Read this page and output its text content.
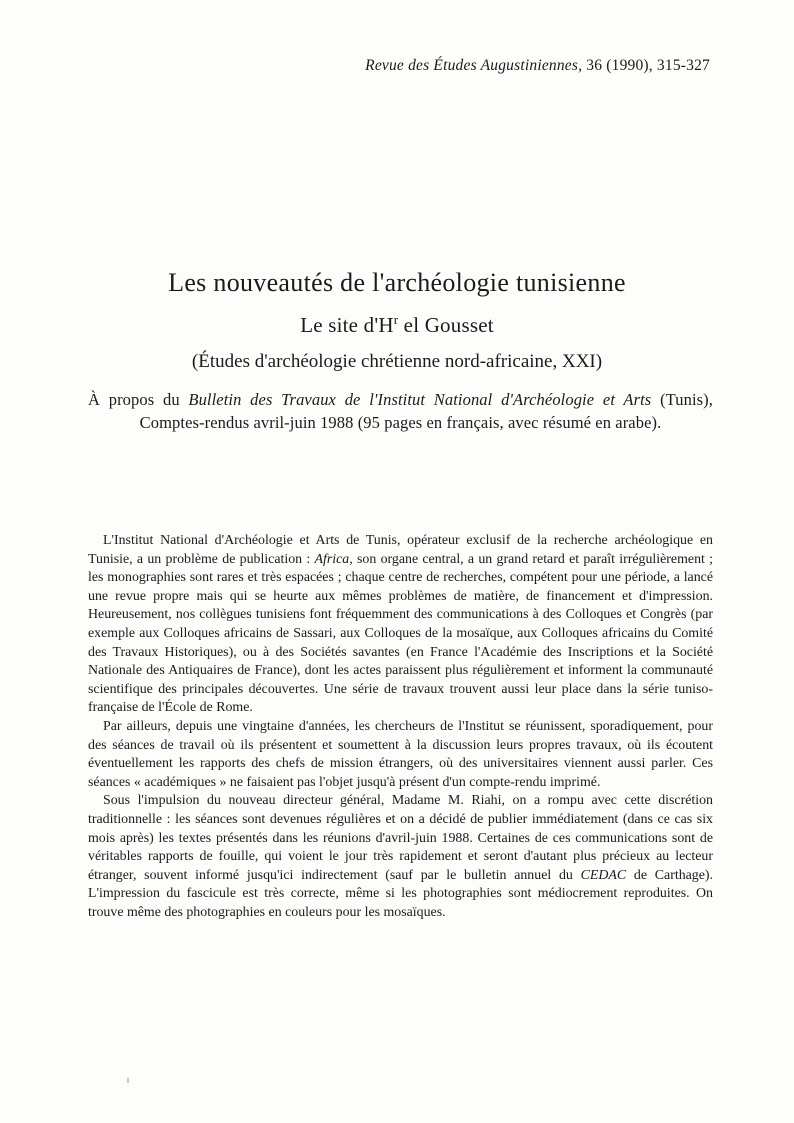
Revue des Études Augustiniennes, 36 (1990), 315-327
Les nouveautés de l'archéologie tunisienne
Le site $d'H^r$ el Gousset
(Études d'archéologie chrétienne nord-africaine, XXI)
À propos du Bulletin des Travaux de l'Institut National d'Archéologie et Arts (Tunis), Comptes-rendus avril-juin 1988 (95 pages en français, avec résumé en arabe).

L'Institut National d'Archéologie et Arts de Tunis, opérateur exclusif de la recherche archéologique en Tunisie, a un problème de publication : Africa, son organe central, a un grand retard et paraît irrégulièrement ; les monographies sont rares et très espacées ; chaque centre de recherches, compétent pour une période, a lancé une revue propre mais qui se heurte aux mêmes problèmes de matière, de financement et d'impression. Heureusement, nos collègues tunisiens font fréquemment des communications à des Colloques et Congrès (par exemple aux Colloques africains de Sassari, aux Colloques de la mosaïque, aux Colloques africains du Comité des Travaux Historiques), ou à des Sociétés savantes (en France l'Académie des Inscriptions et la Société Nationale des Antiquaires de France), dont les actes paraissent plus régulièrement et informent la communauté scientifique des principales découvertes. Une série de travaux trouvent aussi leur place dans la série tuniso-française de l'École de Rome.

Par ailleurs, depuis une vingtaine d'années, les chercheurs de l'Institut se réunissent, sporadiquement, pour des séances de travail où ils présentent et soumettent à la discussion leurs propres travaux, où ils écoutent éventuellement les rapports des chefs de mission étrangers, où des universitaires viennent aussi parler. Ces séances « académiques » ne faisaient pas l'objet jusqu'à présent d'un compte-rendu imprimé.

Sous l'impulsion du nouveau directeur général, Madame M. Riahi, on a rompu avec cette discrétion traditionnelle : les séances sont devenues régulières et on a décidé de publier immédiatement (dans ce cas six mois après) les textes présentés dans les réunions d'avril-juin 1988. Certaines de ces communications sont de véritables rapports de fouille, qui voient le jour très rapidement et seront d'autant plus précieux au lecteur étranger, souvent informé jusqu'ici indirectement (sauf par le bulletin annuel du CEDAC de Carthage). L'impression du fascicule est très correcte, même si les photographies sont médiocrement reproduites. On trouve même des photographies en couleurs pour les mosaïques.
